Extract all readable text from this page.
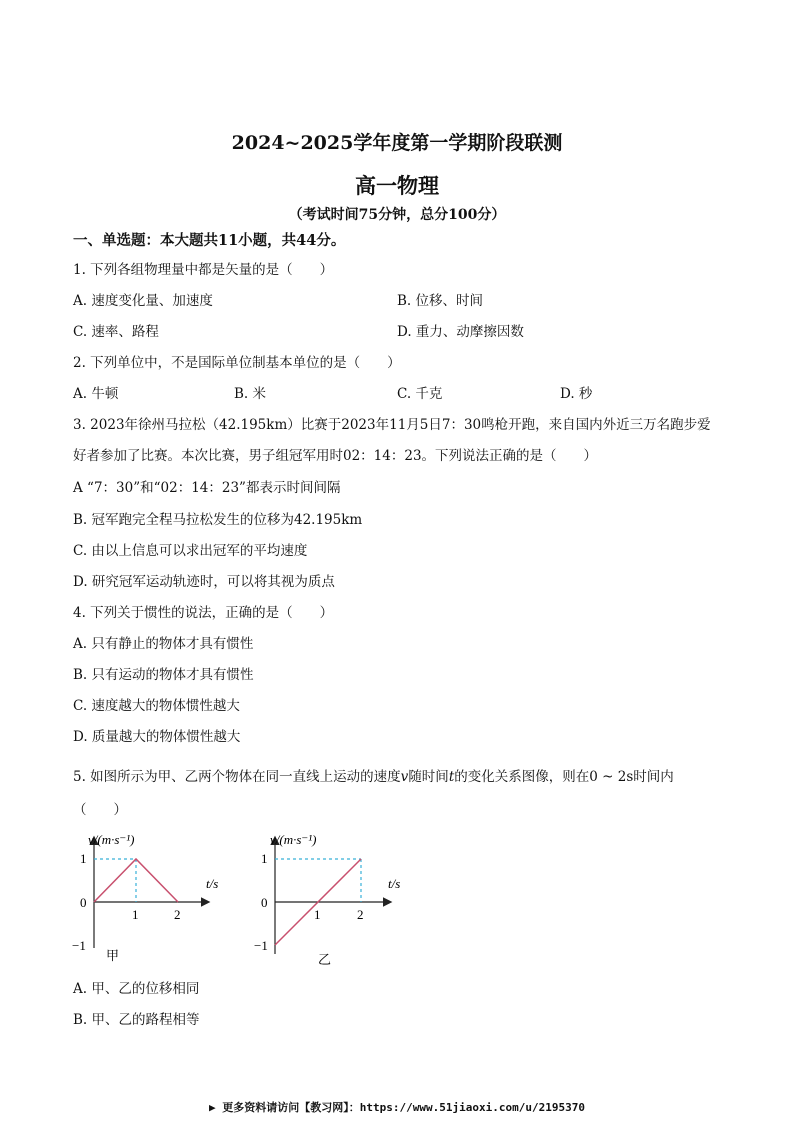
2024~2025学年度第一学期阶段联测
高一物理
（考试时间75分钟，总分100分）
一、单选题：本大题共11小题，共44分。
1. 下列各组物理量中都是矢量的是（　　）
A. 速度变化量、加速度	B. 位移、时间
C. 速率、路程	D. 重力、动摩擦因数
2. 下列单位中，不是国际单位制基本单位的是（　　）
A. 牛顿	B. 米	C. 千克	D. 秒
3. 2023年徐州马拉松（42.195km）比赛于2023年11月5日7：30鸣枪开跑，来自国内外近三万名跑步爱
好者参加了比赛。本次比赛，男子组冠军用时02：14：23。下列说法正确的是（　　）
A “7：30”和“02：14：23”都表示时间间隔
B. 冠军跑完全程马拉松发生的位移为42.195km
C. 由以上信息可以求出冠军的平均速度
D. 研究冠军运动轨迹时，可以将其视为质点
4. 下列关于惯性的说法，正确的是（　　）
A. 只有静止的物体才具有惯性
B. 只有运动的物体才具有惯性
C. 速度越大的物体惯性越大
D. 质量越大的物体惯性越大
5. 如图所示为甲、乙两个物体在同一直线上运动的速度v随时间t的变化关系图像，则在0 ~ 2s时间内
（　　）
v/(m·s⁻¹)
t/s
1
0
−1
1	2
甲
v/(m·s⁻¹)
t/s
1
0
−1
1	2
乙
A. 甲、乙的位移相同
B. 甲、乙的路程相等
▶ 更多资料请访问【教习网】：https://www.51jiaoxi.com/u/2195370
